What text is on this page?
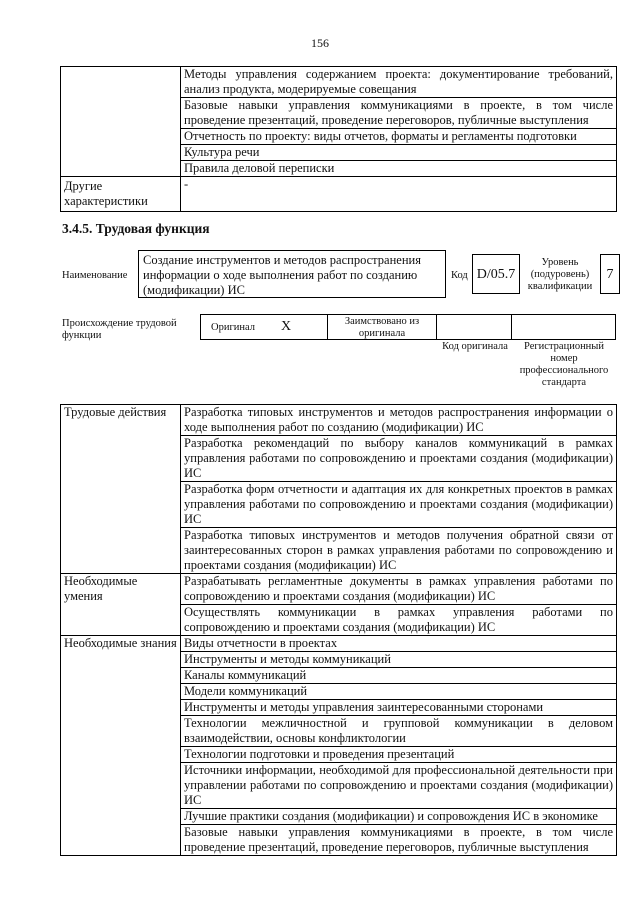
156
	Методы управления содержанием проекта: документирование требований, анализ продукта, модерируемые совещания
	Базовые навыки управления коммуникациями в проекте, в том числе проведение презентаций, проведение переговоров, публичные выступления
	Отчетность по проекту: виды отчетов, форматы и регламенты подготовки
	Культура речи
	Правила деловой переписки
Другие характеристики	-
3.4.5. Трудовая функция
Наименование
Создание инструментов и методов распространения информации о ходе выполнения работ по созданию (модификации) ИС
Код D/05.7
Уровень (подуровень) квалификации
7
Происхождение трудовой функции
Оригинал X	Заимствовано из оригинала
Код оригинала	Регистрационный номер профессионального стандарта
Трудовые действия	Разработка типовых инструментов и методов распространения информации о ходе выполнения работ по созданию (модификации) ИС
	Разработка рекомендаций по выбору каналов коммуникаций в рамках управления работами по сопровождению и проектами создания (модификации) ИС
	Разработка форм отчетности и адаптация их для конкретных проектов в рамках управления работами по сопровождению и проектами создания (модификации) ИС
	Разработка типовых инструментов и методов получения обратной связи от заинтересованных сторон в рамках управления работами по сопровождению и проектами создания (модификации) ИС
Необходимые умения	Разрабатывать регламентные документы в рамках управления работами по сопровождению и проектами создания (модификации) ИС
	Осуществлять коммуникации в рамках управления работами по сопровождению и проектами создания (модификации) ИС
Необходимые знания	Виды отчетности в проектах
	Инструменты и методы коммуникаций
	Каналы коммуникаций
	Модели коммуникаций
	Инструменты и методы управления заинтересованными сторонами
	Технологии межличностной и групповой коммуникации в деловом взаимодействии, основы конфликтологии
	Технологии подготовки и проведения презентаций
	Источники информации, необходимой для профессиональной деятельности при управлении работами по сопровождению и проектами создания (модификации) ИС
	Лучшие практики создания (модификации) и сопровождения ИС в экономике
	Базовые навыки управления коммуникациями в проекте, в том числе проведение презентаций, проведение переговоров, публичные выступления
